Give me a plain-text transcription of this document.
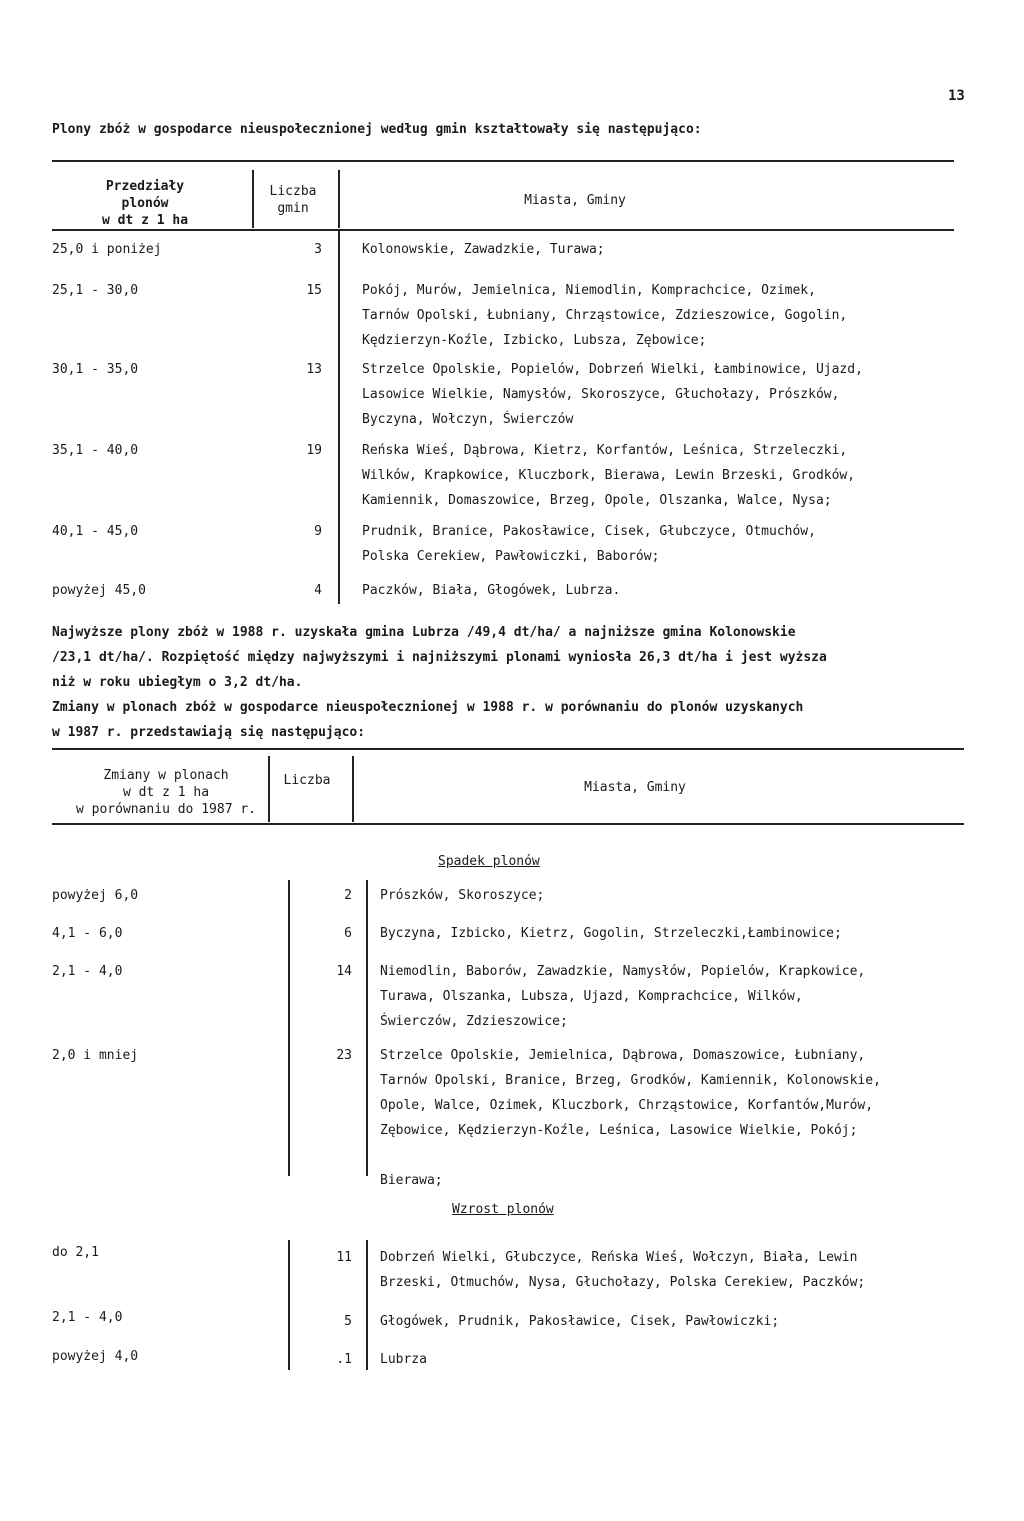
13
Plony zbóż w gospodarce nieuspołecznionej według gmin kształtowały się następująco:
Przedziały
plonów
w dt z 1 ha
Liczba
gmin
Miasta, Gminy
25,0 i poniżej	3	Kolonowskie, Zawadzkie, Turawa;
25,1 - 30,0	15	Pokój, Murów, Jemielnica, Niemodlin, Komprachcice, Ozimek,
Tarnów Opolski, Łubniany, Chrząstowice, Zdzieszowice, Gogolin,
Kędzierzyn-Koźle, Izbicko, Lubsza, Zębowice;
30,1 - 35,0	13	Strzelce Opolskie, Popielów, Dobrzeń Wielki, Łambinowice, Ujazd,
Lasowice Wielkie, Namysłów, Skoroszyce, Głuchołazy, Prószków,
Byczyna, Wołczyn, Świerczów
35,1 - 40,0	19	Reńska Wieś, Dąbrowa, Kietrz, Korfantów, Leśnica, Strzeleczki,
Wilków, Krapkowice, Kluczbork, Bierawa, Lewin Brzeski, Grodków,
Kamiennik, Domaszowice, Brzeg, Opole, Olszanka, Walce, Nysa;
40,1 - 45,0	9	Prudnik, Branice, Pakosławice, Cisek, Głubczyce, Otmuchów,
Polska Cerekiew, Pawłowiczki, Baborów;
powyżej 45,0	4	Paczków, Biała, Głogówek, Lubrza.
Najwyższe plony zbóż w 1988 r. uzyskała gmina Lubrza /49,4 dt/ha/ a najniższe gmina Kolonowskie
/23,1 dt/ha/. Rozpiętość między najwyższymi i najniższymi plonami wyniosła 26,3 dt/ha i jest wyższa
niż w roku ubiegłym o 3,2 dt/ha.
Zmiany w plonach zbóż w gospodarce nieuspołecznionej w 1988 r. w porównaniu do plonów uzyskanych
w 1987 r. przedstawiają się następująco:
Zmiany w plonach
w dt z 1 ha
w porównaniu do 1987 r.
Liczba	Miasta, Gminy
Spadek plonów
powyżej 6,0	2 Prószków, Skoroszyce;
4,1 - 6,0	6 Byczyna, Izbicko, Kietrz, Gogolin, Strzeleczki,Łambinowice;
2,1 - 4,0	14 Niemodlin, Baborów, Zawadzkie, Namysłów, Popielów, Krapkowice,
Turawa, Olszanka, Lubsza, Ujazd, Komprachcice, Wilków,
Świerczów, Zdzieszowice;
2,0 i mniej	23 Strzelce Opolskie, Jemielnica, Dąbrowa, Domaszowice, Łubniany,
Tarnów Opolski, Branice, Brzeg, Grodków, Kamiennik, Kolonowskie,
Opole, Walce, Ozimek, Kluczbork, Chrząstowice, Korfantów,Murów,
Zębowice, Kędzierzyn-Koźle, Leśnica, Lasowice Wielkie, Pokój;

Bierawa;
Wzrost plonów
do 2,1	11 Dobrzeń Wielki, Głubczyce, Reńska Wieś, Wołczyn, Biała, Lewin
Brzeski, Otmuchów, Nysa, Głuchołazy, Polska Cerekiew, Paczków;
2,1 - 4,0	5 Głogówek, Prudnik, Pakosławice, Cisek, Pawłowiczki;
powyżej 4,0	.1 Lubrza
